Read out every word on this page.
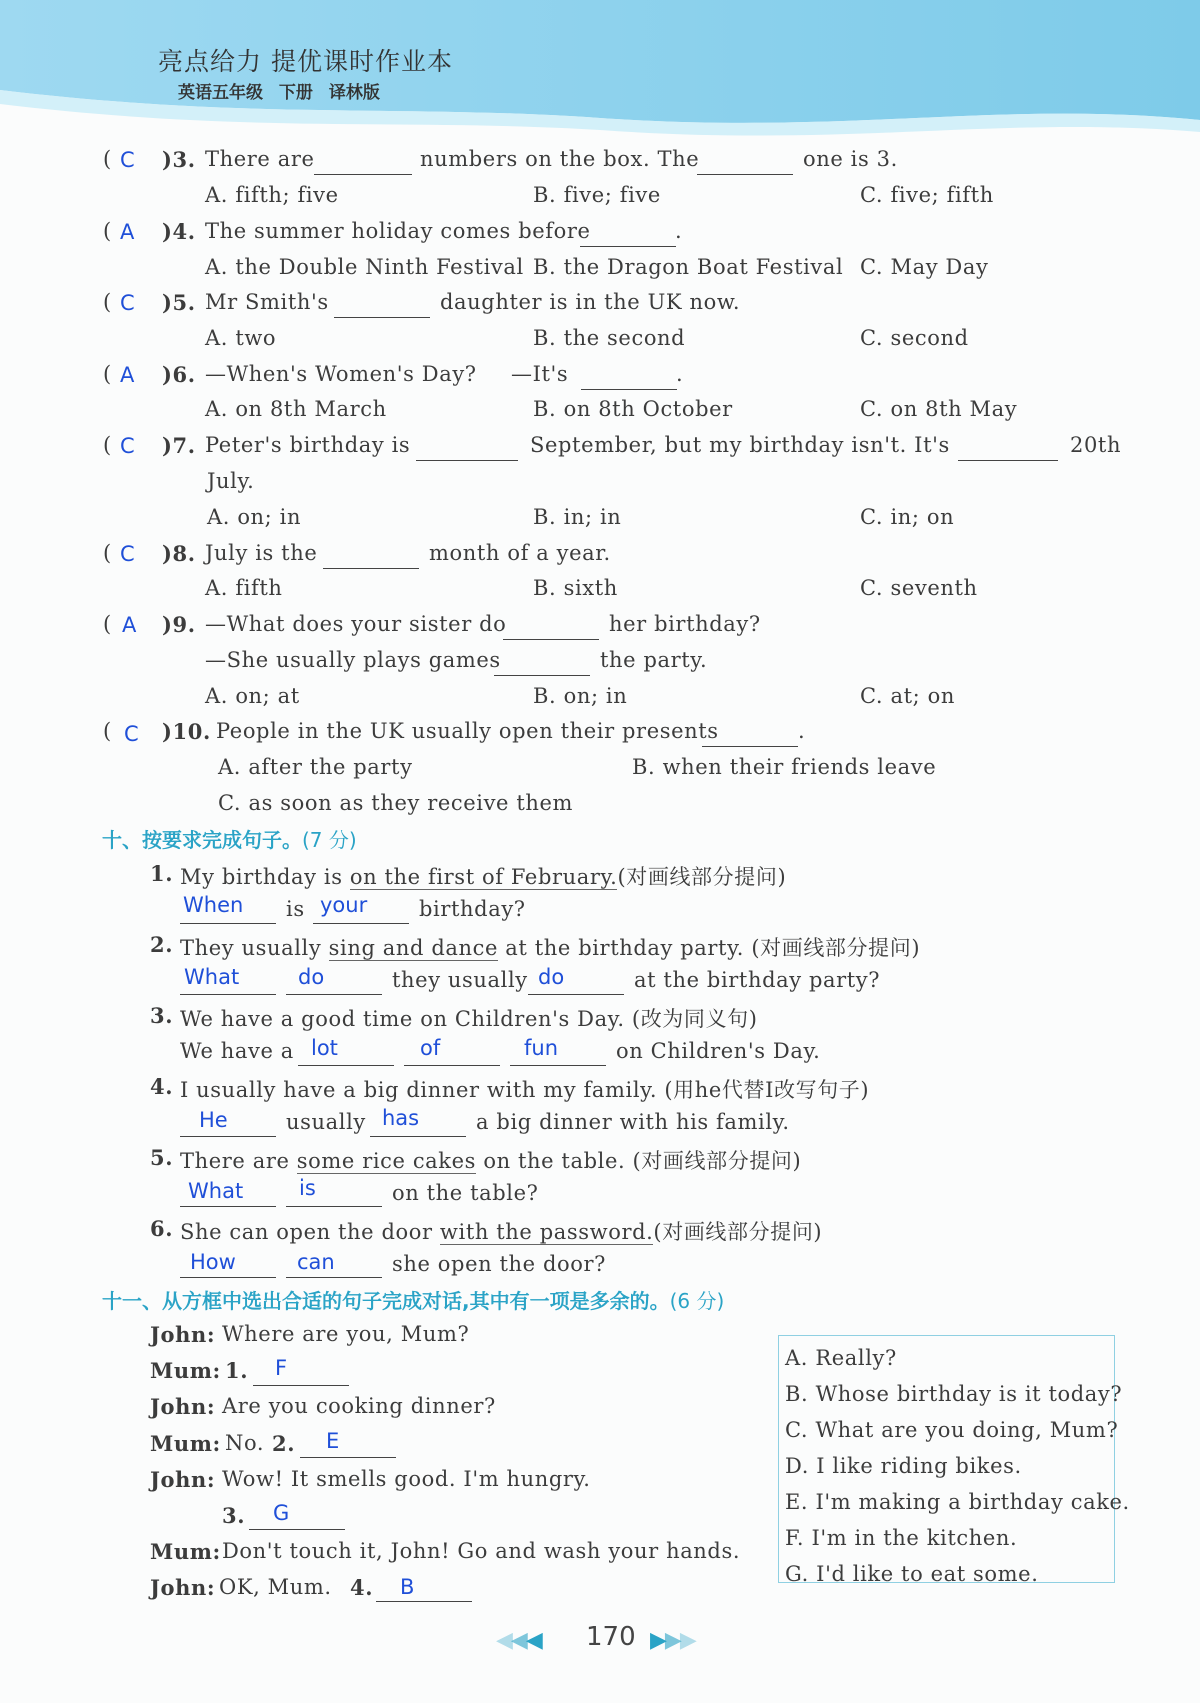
亮点给力 提优课时作业本
英语五年级 下册 译林版
( C )3. There are	numbers on the box. The	one is 3.
A. fifth; five	B. five; five	C. five; fifth
( A )4. The summer holiday comes before	.
A. the Double Ninth Festival B. the Dragon Boat Festival C. May Day
( C )5. Mr Smith's	daughter is in the UK now.
A. two	B. the second	C. second
( A )6. —When's Women's Day? —It's	.
A. on 8th March	B. on 8th October	C. on 8th May
( C )7. Peter's birthday is	September, but my birthday isn't. It's	20th
July.
A. on; in	B. in; in	C. in; on
( C )8. July is the	month of a year.
A. fifth	B. sixth	C. seventh
( A )9. —What does your sister do	her birthday?
—She usually plays games	the party.
A. on; at	B. on; in	C. at; on
( C )10. People in the UK usually open their presents	.
A. after the party	B. when their friends leave
C. as soon as they receive them
十、按要求完成句子。(7 分)
1. My birthday is on the first of February.(对画线部分提问)
When is your birthday?
2. They usually sing and dance at the birthday party. (对画线部分提问)
What	do	they usually do	at the birthday party?
3. We have a good time on Children's Day. (改为同义句)
We have a lot	of	fun	on Children's Day.
4. I usually have a big dinner with my family. (用he代替I改写句子)
He	usually has	a big dinner with his family.
5. There are some rice cakes on the table. (对画线部分提问)
What	is	on the table?
6. She can open the door with the password.(对画线部分提问)
How	can	she open the door?
十一、从方框中选出合适的句子完成对话,其中有一项是多余的。(6 分)
John: Where are you, Mum?
Mum: 1. F
John: Are you cooking dinner?
Mum: No. 2. E
John: Wow! It smells good. I'm hungry.
3. G
Mum: Don't touch it, John! Go and wash your hands.
John: OK, Mum. 4. B
A. Really?
B. Whose birthday is it today?
C. What are you doing, Mum?
D. I like riding bikes.
E. I'm making a birthday cake.
F. I'm in the kitchen.
G. I'd like to eat some.
◀◀◀ 170 ▶▶▶
